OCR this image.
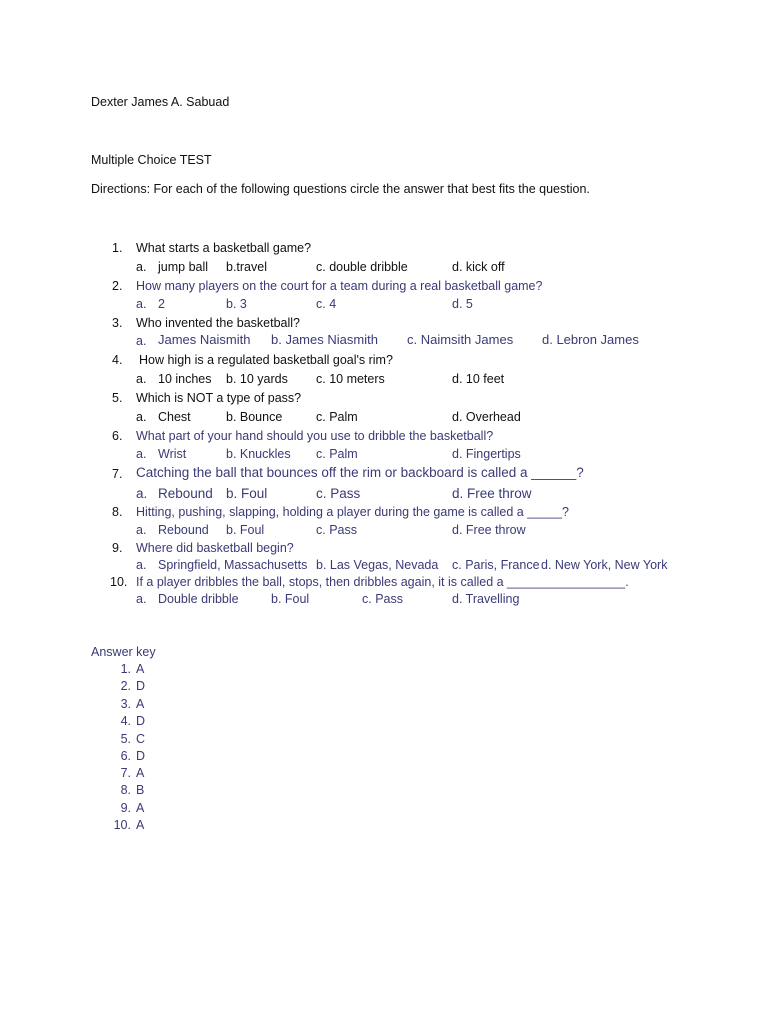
Dexter James A. Sabuad
Multiple Choice TEST
Directions: For each of the following questions circle the answer that best fits the question.
1. What starts a basketball game?
a. jump ball b.travel	c. double dribble	d. kick off
2. How many players on the court for a team during a real basketball game?
a. 2	b. 3	c. 4	d. 5
3. Who invented the basketball?
a. James Naismith b. James Niasmith c. Naimsith James d. Lebron James
4. How high is a regulated basketball goal's rim?
a. 10 inches b. 10 yards c. 10 meters	d. 10 feet
5. Which is NOT a type of pass?
a. Chest	b. Bounce	c. Palm	d. Overhead
6. What part of your hand should you use to dribble the basketball?
a. Wrist	b. Knuckles c. Palm	d. Fingertips
7. Catching the ball that bounces off the rim or backboard is called a ______?
a. Rebound b. Foul	c. Pass	d. Free throw
8. Hitting, pushing, slapping, holding a player during the game is called a _____?
a. Rebound b. Foul	c. Pass	d. Free throw
9. Where did basketball begin?
a. Springfield, Massachusetts b. Las Vegas, Nevada c. Paris, France d. New York, New York
10. If a player dribbles the ball, stops, then dribbles again, it is called a _________________.
a. Double dribble	b. Foul	c. Pass	d. Travelling
Answer key
1. A
2. D
3. A
4. D
5. C
6. D
7. A
8. B
9. A
10. A
